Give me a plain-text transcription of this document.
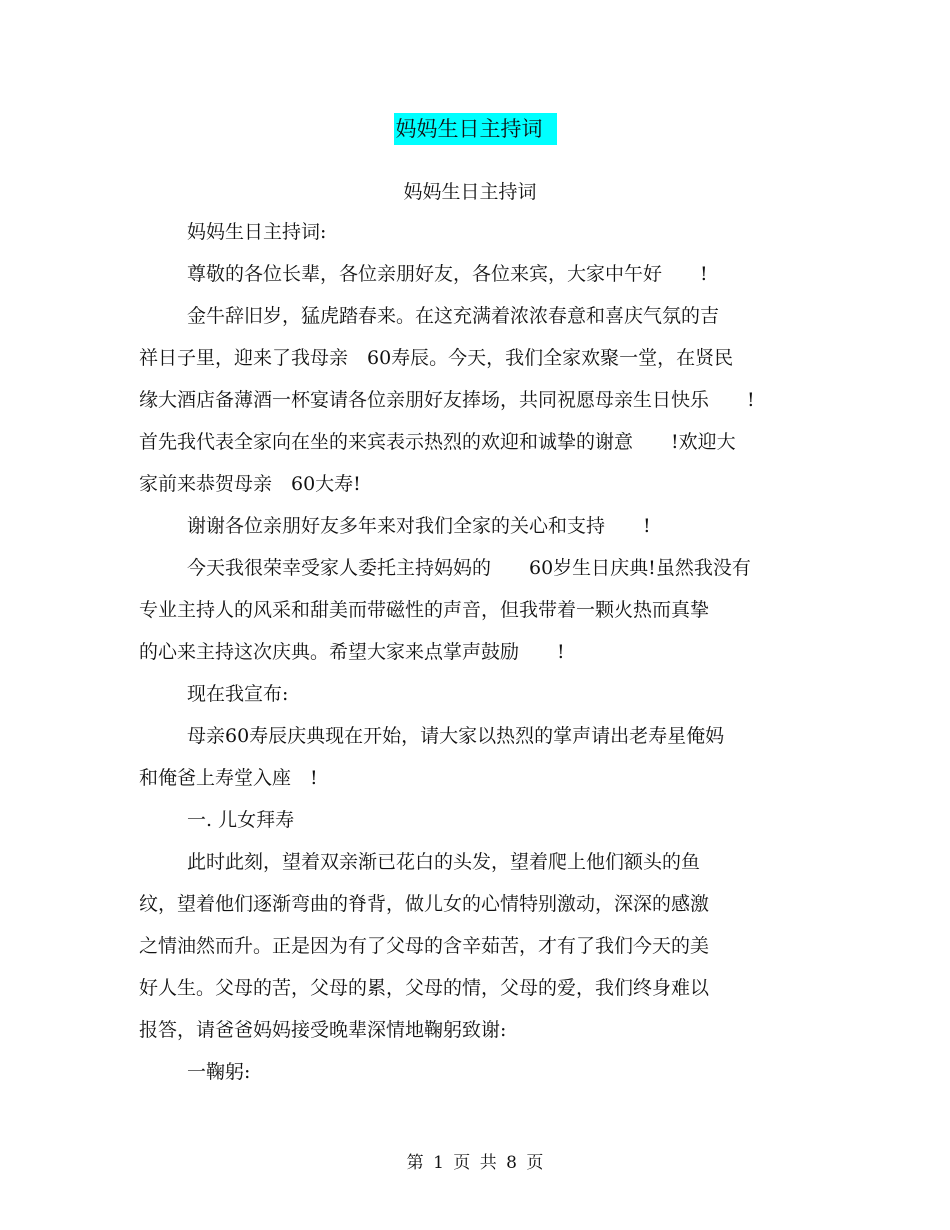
妈妈生日主持词
妈妈生日主持词
妈妈生日主持词:
尊敬的各位长辈，各位亲朋好友，各位来宾，大家中午好　　!
金牛辞旧岁，猛虎踏春来。在这充满着浓浓春意和喜庆气氛的吉
祥日子里，迎来了我母亲　60寿辰。今天，我们全家欢聚一堂，在贤民
缘大酒店备薄酒一杯宴请各位亲朋好友捧场，共同祝愿母亲生日快乐　　!
首先我代表全家向在坐的来宾表示热烈的欢迎和诚挚的谢意　　!欢迎大
家前来恭贺母亲　60大寿!
谢谢各位亲朋好友多年来对我们全家的关心和支持　　!
今天我很荣幸受家人委托主持妈妈的　　60岁生日庆典!虽然我没有
专业主持人的风采和甜美而带磁性的声音，但我带着一颗火热而真挚
的心来主持这次庆典。希望大家来点掌声鼓励　　!
现在我宣布:
母亲60寿辰庆典现在开始，请大家以热烈的掌声请出老寿星俺妈
和俺爸上寿堂入座　!
一. 儿女拜寿
此时此刻，望着双亲渐已花白的头发，望着爬上他们额头的鱼
纹，望着他们逐渐弯曲的脊背，做儿女的心情特别激动，深深的感激
之情油然而升。正是因为有了父母的含辛茹苦，才有了我们今天的美
好人生。父母的苦，父母的累，父母的情，父母的爱，我们终身难以
报答，请爸爸妈妈接受晚辈深情地鞠躬致谢:
一鞠躬:
第 1 页 共 8 页
